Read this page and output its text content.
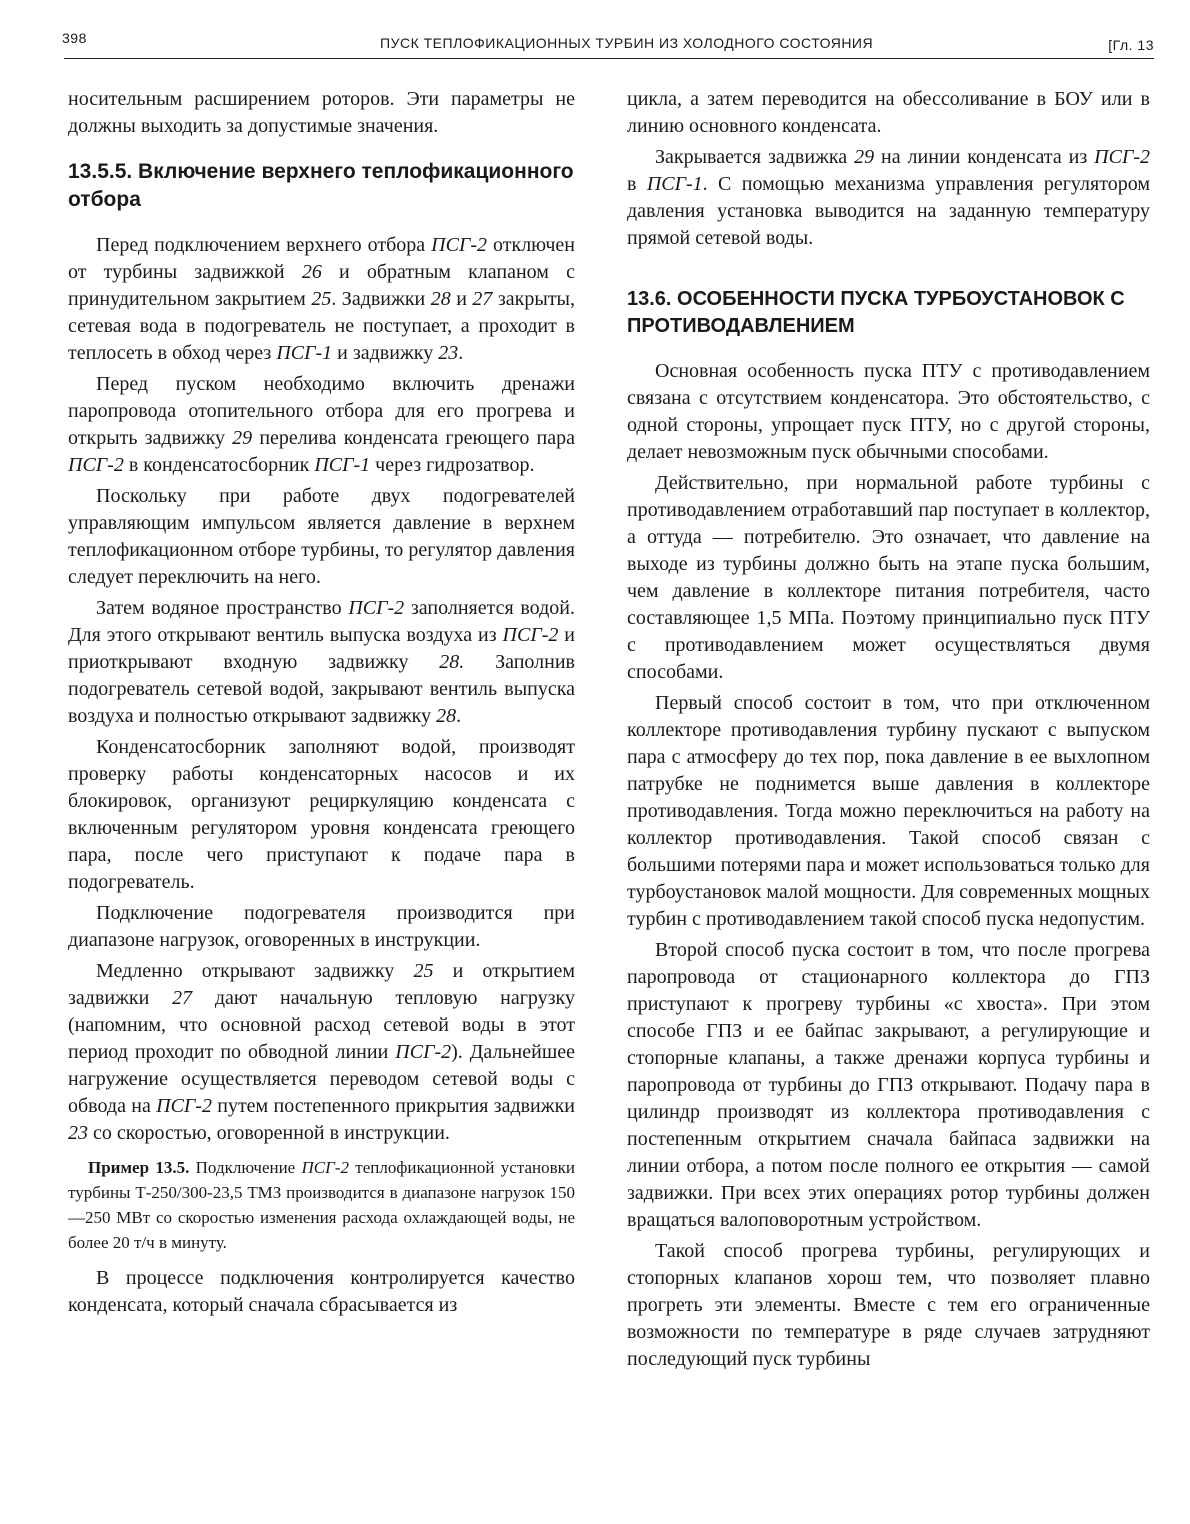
398	ПУСК ТЕПЛОФИКАЦИОННЫХ ТУРБИН ИЗ ХОЛОДНОГО СОСТОЯНИЯ	[Гл. 13

носительным расширением роторов. Эти параметры не должны выходить за допустимые значения.

13.5.5. Включение верхнего теплофикационного отбора

Перед подключением верхнего отбора ПСГ-2 отключен от турбины задвижкой 26 и обратным клапаном с принудительном закрытием 25. Задвижки 28 и 27 закрыты, сетевая вода в подогреватель не поступает, а проходит в теплосеть в обход через ПСГ-1 и задвижку 23.

Перед пуском необходимо включить дренажи паропровода отопительного отбора для его прогрева и открыть задвижку 29 перелива конденсата греющего пара ПСГ-2 в конденсатосборник ПСГ-1 через гидрозатвор.

Поскольку при работе двух подогревателей управляющим импульсом является давление в верхнем теплофикационном отборе турбины, то регулятор давления следует переключить на него.

Затем водяное пространство ПСГ-2 заполняется водой. Для этого открывают вентиль выпуска воздуха из ПСГ-2 и приоткрывают входную задвижку 28. Заполнив подогреватель сетевой водой, закрывают вентиль выпуска воздуха и полностью открывают задвижку 28.

Конденсатосборник заполняют водой, производят проверку работы конденсаторных насосов и их блокировок, организуют рециркуляцию конденсата с включенным регулятором уровня конденсата греющего пара, после чего приступают к подаче пара в подогреватель.

Подключение подогревателя производится при диапазоне нагрузок, оговоренных в инструкции.

Медленно открывают задвижку 25 и открытием задвижки 27 дают начальную тепловую нагрузку (напомним, что основной расход сетевой воды в этот период проходит по обводной линии ПСГ-2). Дальнейшее нагружение осуществляется переводом сетевой воды с обвода на ПСГ-2 путем постепенного прикрытия задвижки 23 со скоростью, оговоренной в инструкции.

Пример 13.5. Подключение ПСГ-2 теплофикационной установки турбины Т-250/300-23,5 ТМЗ производится в диапазоне нагрузок 150—250 МВт со скоростью изменения расхода охлаждающей воды, не более 20 т/ч в минуту.

В процессе подключения контролируется качество конденсата, который сначала сбрасывается из

цикла, а затем переводится на обессоливание в БОУ или в линию основного конденсата.

Закрывается задвижка 29 на линии конденсата из ПСГ-2 в ПСГ-1. С помощью механизма управления регулятором давления установка выводится на заданную температуру прямой сетевой воды.

13.6. ОСОБЕННОСТИ ПУСКА ТУРБОУСТАНОВОК С ПРОТИВОДАВЛЕНИЕМ

Основная особенность пуска ПТУ с противодавлением связана с отсутствием конденсатора. Это обстоятельство, с одной стороны, упрощает пуск ПТУ, но с другой стороны, делает невозможным пуск обычными способами.

Действительно, при нормальной работе турбины с противодавлением отработавший пар поступает в коллектор, а оттуда — потребителю. Это означает, что давление на выходе из турбины должно быть на этапе пуска большим, чем давление в коллекторе питания потребителя, часто составляющее 1,5 МПа. Поэтому принципиально пуск ПТУ с противодавлением может осуществляться двумя способами.

Первый способ состоит в том, что при отключенном коллекторе противодавления турбину пускают с выпуском пара с атмосферу до тех пор, пока давление в ее выхлопном патрубке не поднимется выше давления в коллекторе противодавления. Тогда можно переключиться на работу на коллектор противодавления. Такой способ связан с большими потерями пара и может использоваться только для турбоустановок малой мощности. Для современных мощных турбин с противодавлением такой способ пуска недопустим.

Второй способ пуска состоит в том, что после прогрева паропровода от стационарного коллектора до ГПЗ приступают к прогреву турбины «с хвоста». При этом способе ГПЗ и ее байпас закрывают, а регулирующие и стопорные клапаны, а также дренажи корпуса турбины и паропровода от турбины до ГПЗ открывают. Подачу пара в цилиндр производят из коллектора противодавления с постепенным открытием сначала байпаса задвижки на линии отбора, а потом после полного ее открытия — самой задвижки. При всех этих операциях ротор турбины должен вращаться валоповоротным устройством.

Такой способ прогрева турбины, регулирующих и стопорных клапанов хорош тем, что позволяет плавно прогреть эти элементы. Вместе с тем его ограниченные возможности по температуре в ряде случаев затрудняют последующий пуск турбины
